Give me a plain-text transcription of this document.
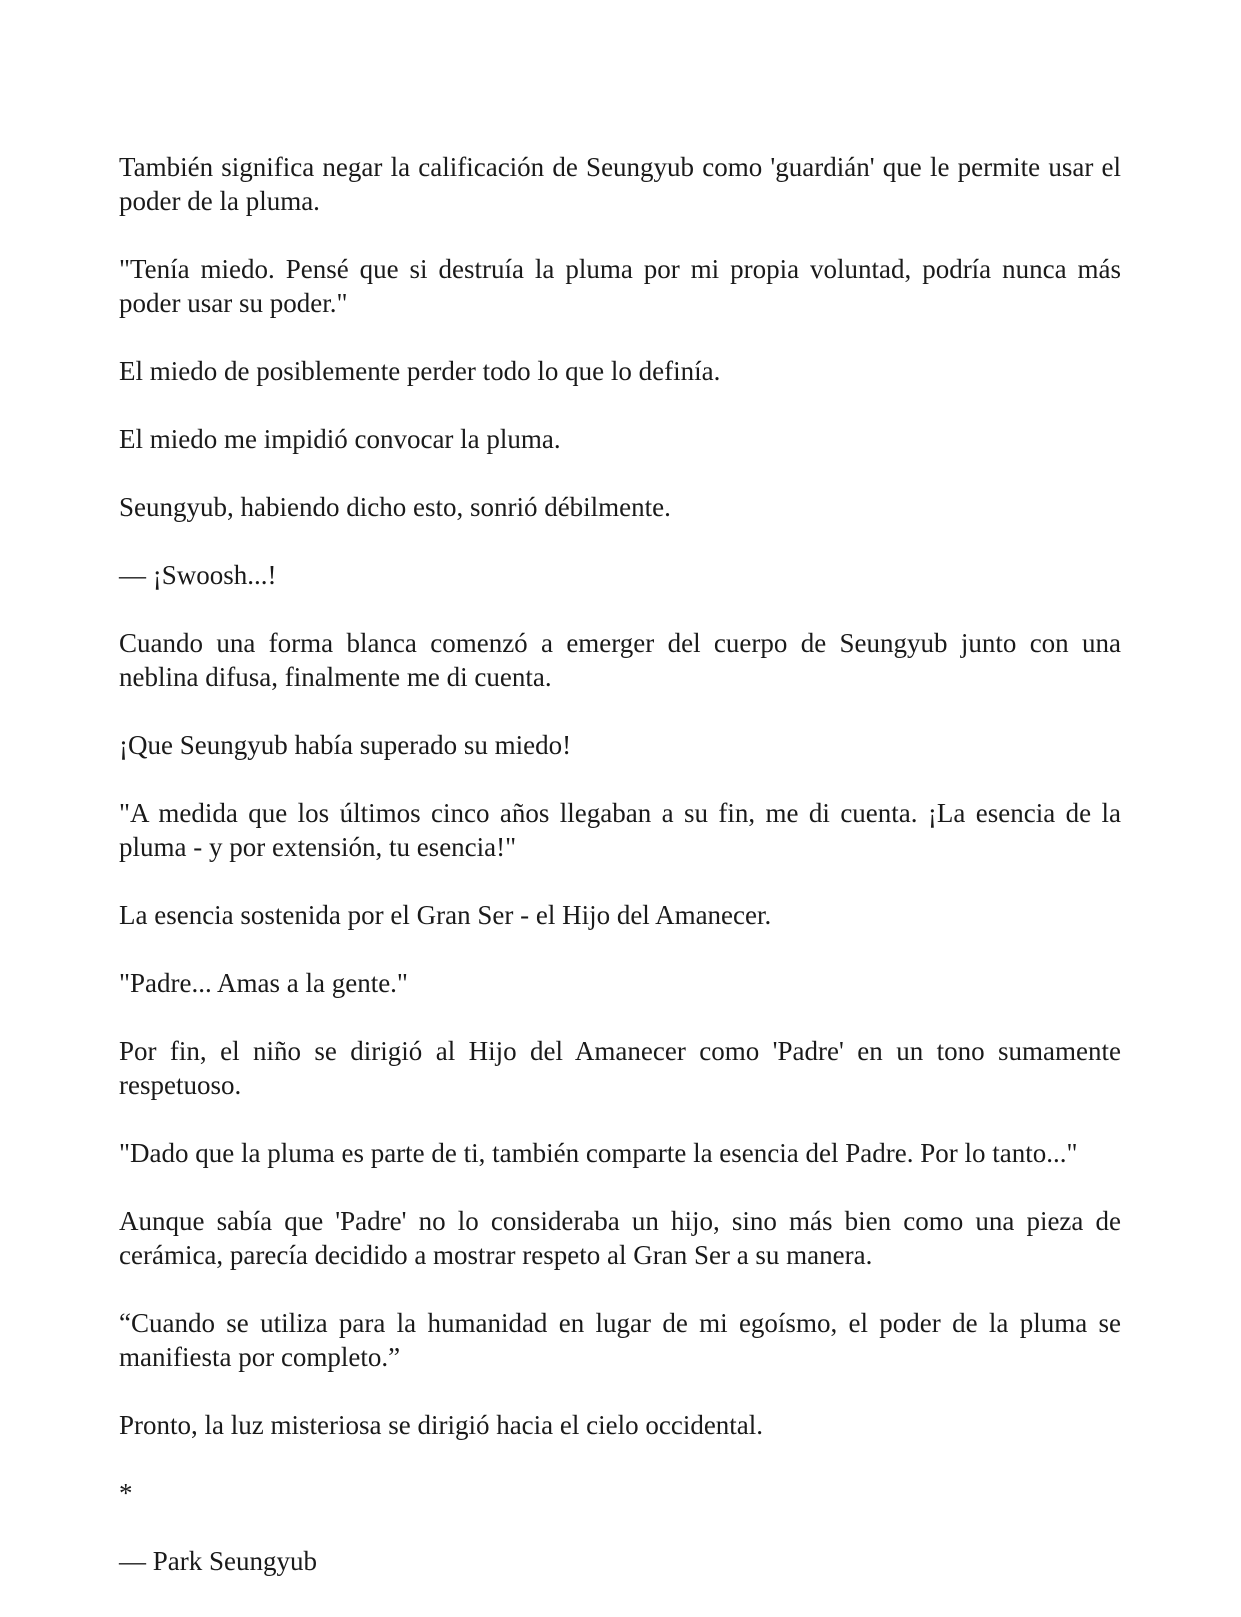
También significa negar la calificación de Seungyub como 'guardián' que le permite usar el poder de la pluma.

"Tenía miedo. Pensé que si destruía la pluma por mi propia voluntad, podría nunca más poder usar su poder."

El miedo de posiblemente perder todo lo que lo definía.

El miedo me impidió convocar la pluma.

Seungyub, habiendo dicho esto, sonrió débilmente.

— ¡Swoosh...!

Cuando una forma blanca comenzó a emerger del cuerpo de Seungyub junto con una neblina difusa, finalmente me di cuenta.

¡Que Seungyub había superado su miedo!

"A medida que los últimos cinco años llegaban a su fin, me di cuenta. ¡La esencia de la pluma - y por extensión, tu esencia!"

La esencia sostenida por el Gran Ser - el Hijo del Amanecer.

"Padre... Amas a la gente."

Por fin, el niño se dirigió al Hijo del Amanecer como 'Padre' en un tono sumamente respetuoso.

"Dado que la pluma es parte de ti, también comparte la esencia del Padre. Por lo tanto..."

Aunque sabía que 'Padre' no lo consideraba un hijo, sino más bien como una pieza de cerámica, parecía decidido a mostrar respeto al Gran Ser a su manera.

“Cuando se utiliza para la humanidad en lugar de mi egoísmo, el poder de la pluma se manifiesta por completo.”

Pronto, la luz misteriosa se dirigió hacia el cielo occidental.

*

— Park Seungyub
